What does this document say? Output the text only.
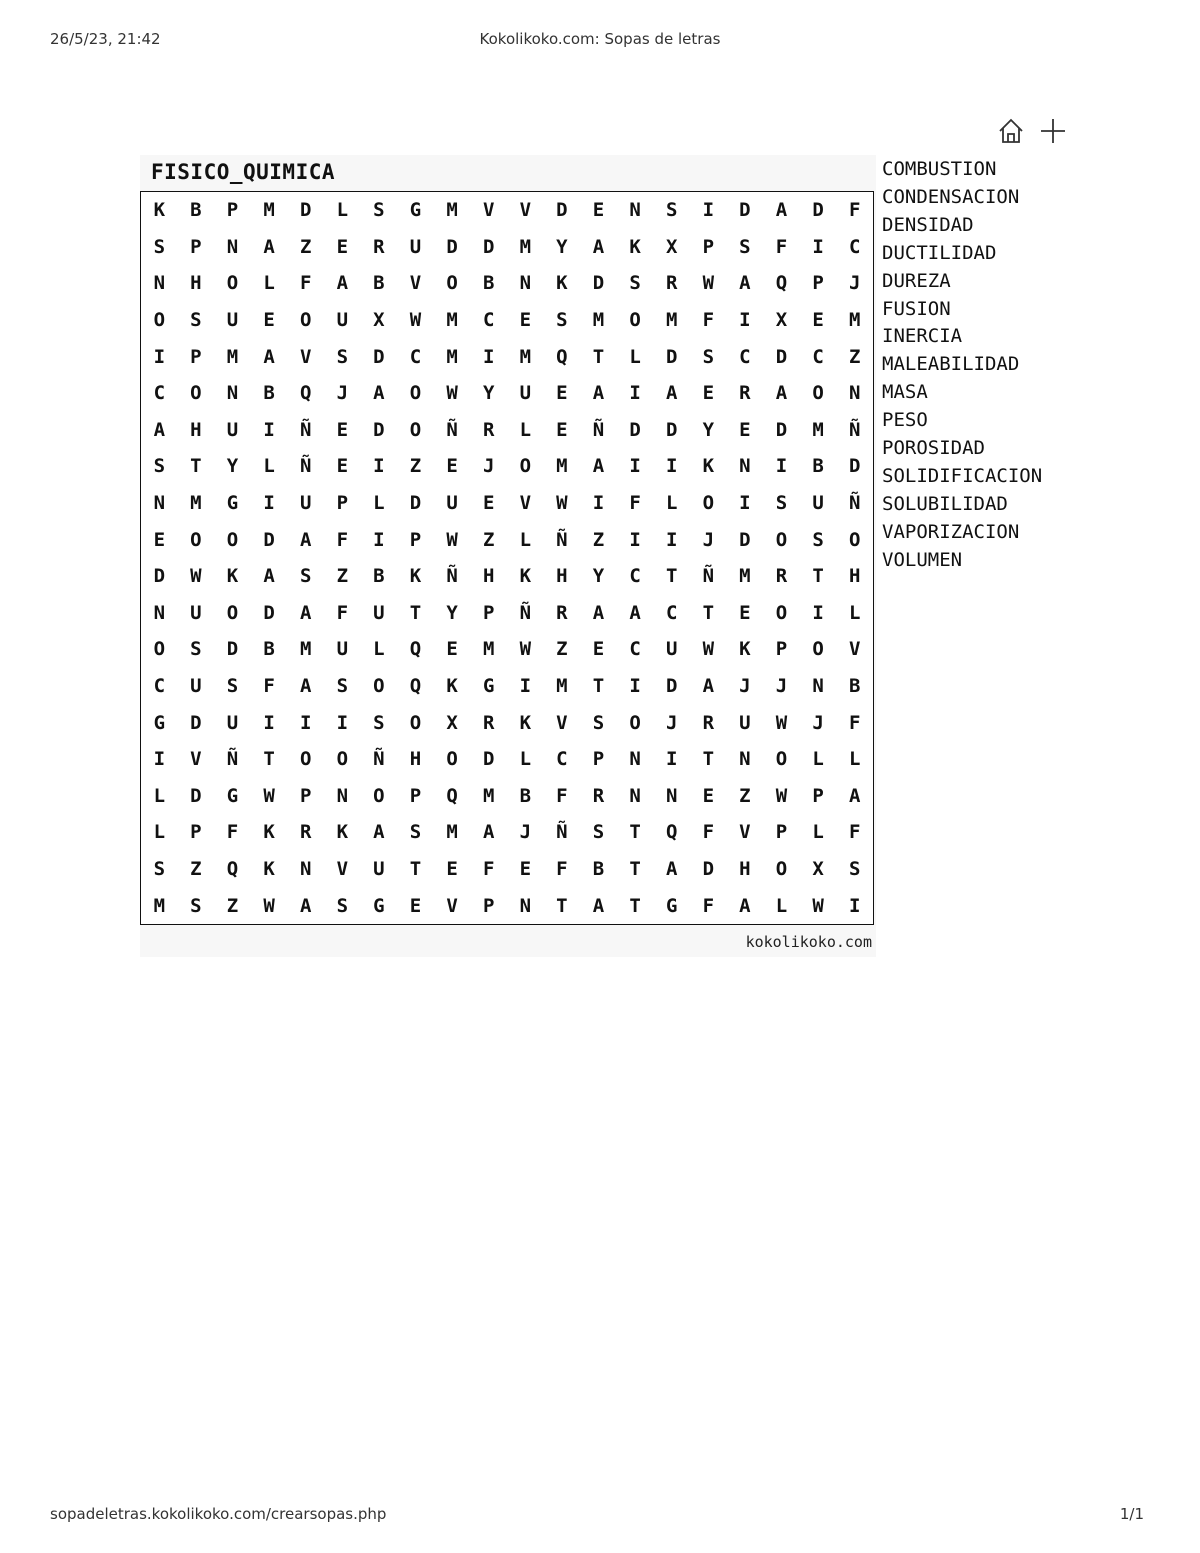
26/5/23, 21:42	Kokolikoko.com: Sopas de letras
FISICO_QUIMICA
K	B	P	M	D	L	S	G	M	V	V	D	E	N	S	I	D	A	D	F
S	P	N	A	Z	E	R	U	D	D	M	Y	A	K	X	P	S	F	I	C
N	H	O	L	F	A	B	V	O	B	N	K	D	S	R	W	A	Q	P	J
O	S	U	E	O	U	X	W	M	C	E	S	M	O	M	F	I	X	E	M
I	P	M	A	V	S	D	C	M	I	M	Q	T	L	D	S	C	D	C	Z
C	O	N	B	Q	J	A	O	W	Y	U	E	A	I	A	E	R	A	O	N
A	H	U	I	Ñ	E	D	O	Ñ	R	L	E	Ñ	D	D	Y	E	D	M	Ñ
S	T	Y	L	Ñ	E	I	Z	E	J	O	M	A	I	I	K	N	I	B	D
N	M	G	I	U	P	L	D	U	E	V	W	I	F	L	O	I	S	U	Ñ
E	O	O	D	A	F	I	P	W	Z	L	Ñ	Z	I	I	J	D	O	S	O
D	W	K	A	S	Z	B	K	Ñ	H	K	H	Y	C	T	Ñ	M	R	T	H
N	U	O	D	A	F	U	T	Y	P	Ñ	R	A	A	C	T	E	O	I	L
O	S	D	B	M	U	L	Q	E	M	W	Z	E	C	U	W	K	P	O	V
C	U	S	F	A	S	O	Q	K	G	I	M	T	I	D	A	J	J	N	B
G	D	U	I	I	I	S	O	X	R	K	V	S	O	J	R	U	W	J	F
I	V	Ñ	T	O	O	Ñ	H	O	D	L	C	P	N	I	T	N	O	L	L
L	D	G	W	P	N	O	P	Q	M	B	F	R	N	N	E	Z	W	P	A
L	P	F	K	R	K	A	S	M	A	J	Ñ	S	T	Q	F	V	P	L	F
S	Z	Q	K	N	V	U	T	E	F	E	F	B	T	A	D	H	O	X	S
M	S	Z	W	A	S	G	E	V	P	N	T	A	T	G	F	A	L	W	I
kokolikoko.com
COMBUSTION
CONDENSACION
DENSIDAD
DUCTILIDAD
DUREZA
FUSION
INERCIA
MALEABILIDAD
MASA
PESO
POROSIDAD
SOLIDIFICACION
SOLUBILIDAD
VAPORIZACION
VOLUMEN
sopadeletras.kokolikoko.com/crearsopas.php	1/1
